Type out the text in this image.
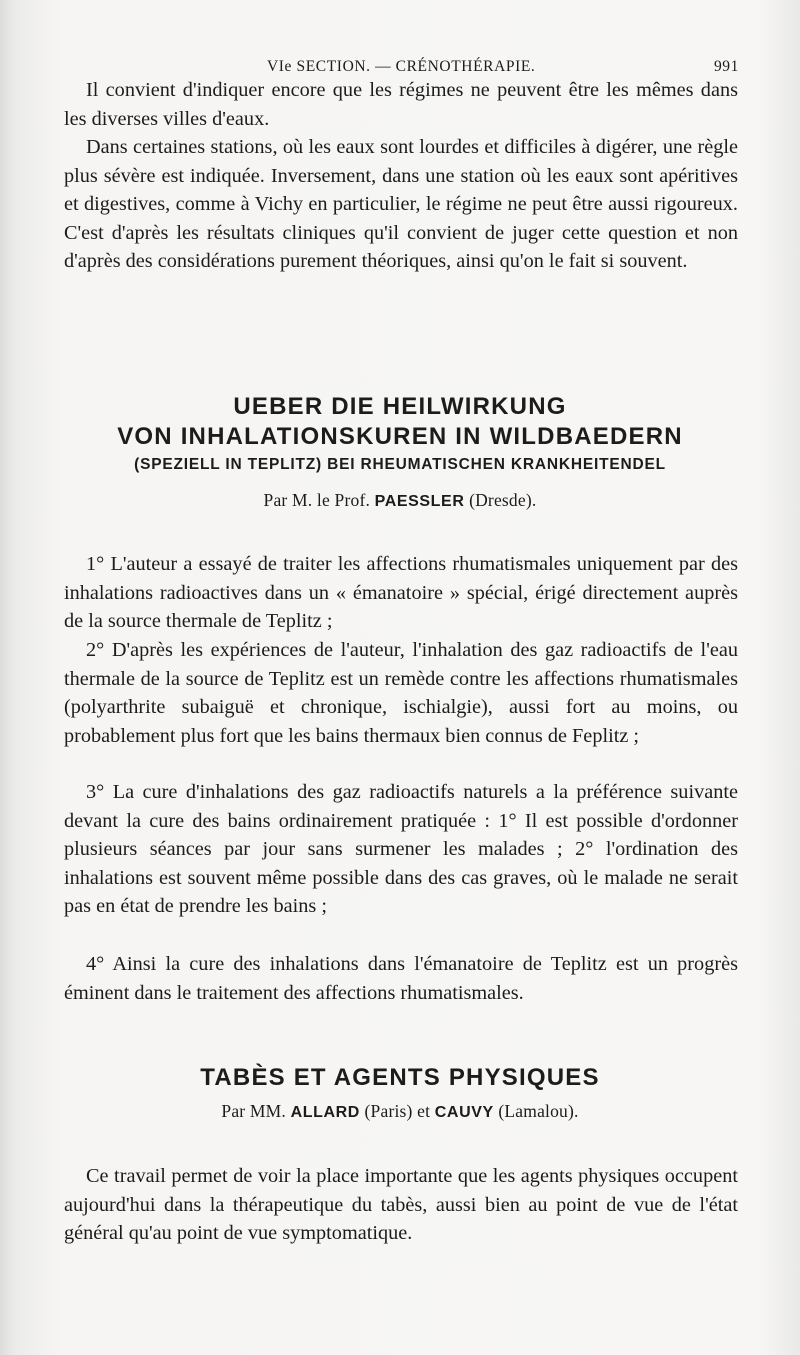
VIe SECTION. — CRÉNOTHÉRAPIE.	991

Il convient d'indiquer encore que les régimes ne peuvent être les mêmes dans les diverses villes d'eaux.

Dans certaines stations, où les eaux sont lourdes et difficiles à digérer, une règle plus sévère est indiquée. Inversement, dans une station où les eaux sont apéritives et digestives, comme à Vichy en particulier, le régime ne peut être aussi rigoureux. C'est d'après les résultats cliniques qu'il convient de juger cette question et non d'après des considérations purement théoriques, ainsi qu'on le fait si souvent.

UEBER DIE HEILWIRKUNG
VON INHALATIONSKUREN IN WILDBAEDERN
(SPEZIELL IN TEPLITZ) BEI RHEUMATISCHEN KRANKHEITENDEL
Par M. le Prof. PAESSLER (Dresde).

1° L'auteur a essayé de traiter les affections rhumatismales uniquement par des inhalations radioactives dans un « émanatoire » spécial, érigé directement auprès de la source thermale de Teplitz ;

2° D'après les expériences de l'auteur, l'inhalation des gaz radioactifs de l'eau thermale de la source de Teplitz est un remède contre les affections rhumatismales (polyarthrite subaiguë et chronique, ischialgie), aussi fort au moins, ou probablement plus fort que les bains thermaux bien connus de Feplitz ;

3° La cure d'inhalations des gaz radioactifs naturels a la préférence suivante devant la cure des bains ordinairement pratiquée : 1° Il est possible d'ordonner plusieurs séances par jour sans surmener les malades ; 2° l'ordination des inhalations est souvent même possible dans des cas graves, où le malade ne serait pas en état de prendre les bains ;

4° Ainsi la cure des inhalations dans l'émanatoire de Teplitz est un progrès éminent dans le traitement des affections rhumatismales.

TABÈS ET AGENTS PHYSIQUES
Par MM. ALLARD (Paris) et CAUVY (Lamalou).

Ce travail permet de voir la place importante que les agents physiques occupent aujourd'hui dans la thérapeutique du tabès, aussi bien au point de vue de l'état général qu'au point de vue symptomatique.
